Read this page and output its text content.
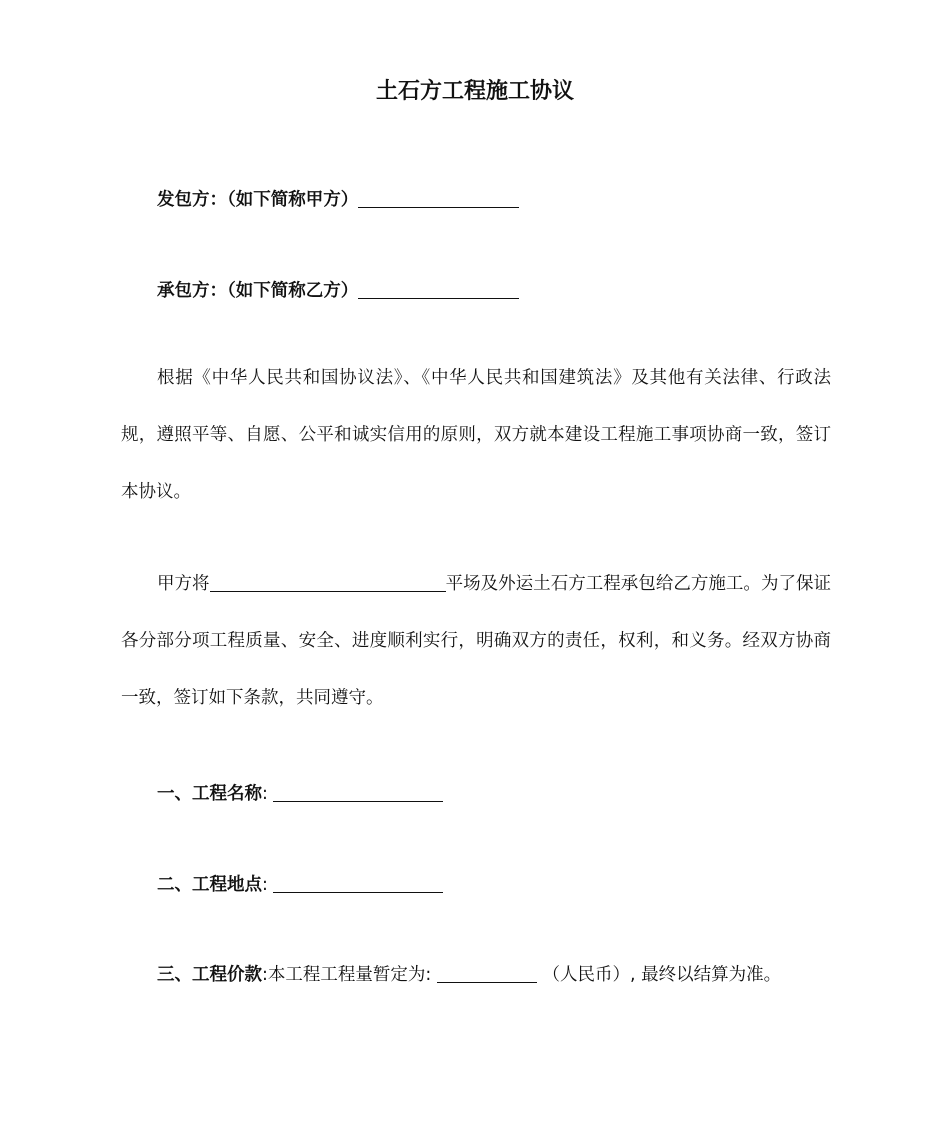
土石方工程施工协议
发包方：（如下简称甲方）
承包方：（如下简称乙方）
根据《中华人民共和国协议法》、《中华人民共和国建筑法》及其他有关法律、行政法规，遵照平等、自愿、公平和诚实信用的原则，双方就本建设工程施工事项协商一致，签订本协议。
甲方将	平场及外运土石方工程承包给乙方施工。为了保证各分部分项工程质量、安全、进度顺利实行，明确双方的责任，权利，和义务。经双方协商一致，签订如下条款，共同遵守。
一、工程名称:
二、工程地点:
三、工程价款:本工程工程量暂定为:	（人民币）, 最终以结算为准。
